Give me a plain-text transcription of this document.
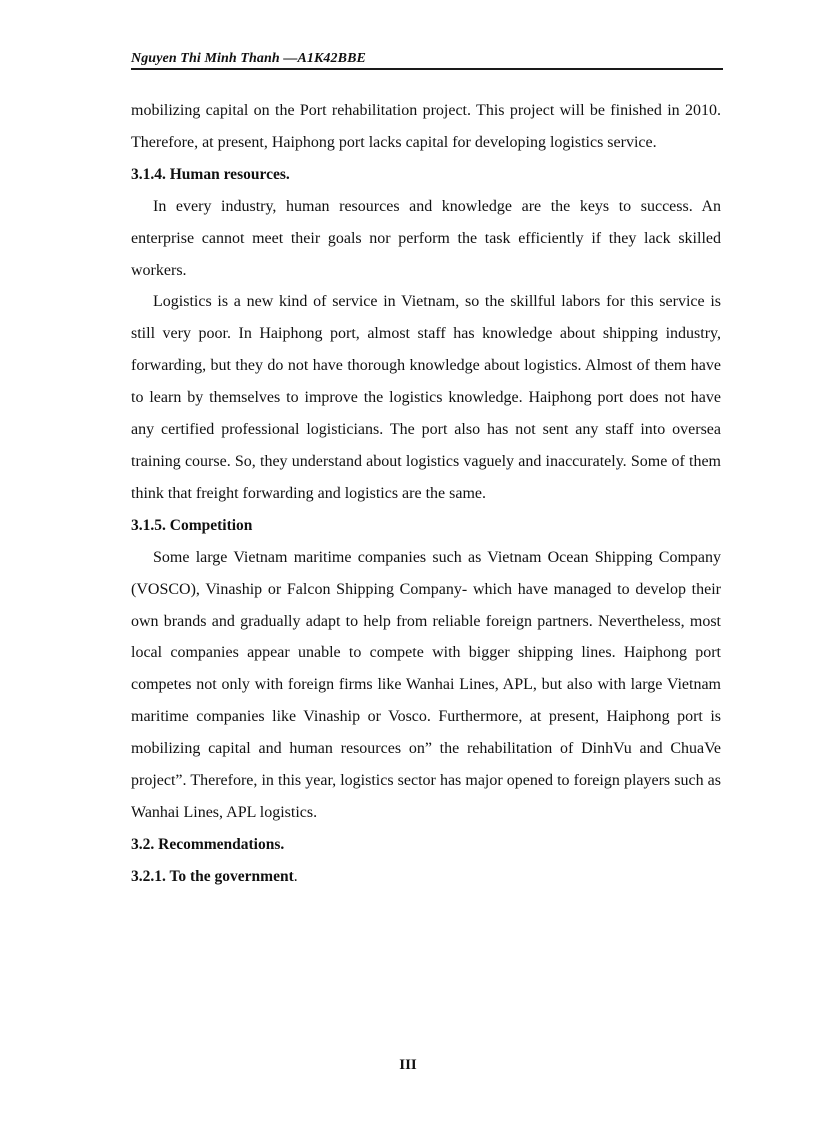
Nguyen Thi Minh Thanh —A1K42BBE

mobilizing capital on the Port rehabilitation project. This project will be finished in 2010. Therefore, at present, Haiphong port lacks capital for developing logistics service.

3.1.4. Human resources.

In every industry, human resources and knowledge are the keys to success. An enterprise cannot meet their goals nor perform the task efficiently if they lack skilled workers.

Logistics is a new kind of service in Vietnam, so the skillful labors for this service is still very poor. In Haiphong port, almost staff has knowledge about shipping industry, forwarding, but they do not have thorough knowledge about logistics. Almost of them have to learn by themselves to improve the logistics knowledge. Haiphong port does not have any certified professional logisticians. The port also has not sent any staff into oversea training course. So, they understand about logistics vaguely and inaccurately. Some of them think that freight forwarding and logistics are the same.

3.1.5. Competition

Some large Vietnam maritime companies such as Vietnam Ocean Shipping Company (VOSCO), Vinaship or Falcon Shipping Company- which have managed to develop their own brands and gradually adapt to help from reliable foreign partners. Nevertheless, most local companies appear unable to compete with bigger shipping lines. Haiphong port competes not only with foreign firms like Wanhai Lines, APL, but also with large Vietnam maritime companies like Vinaship or Vosco. Furthermore, at present, Haiphong port is mobilizing capital and human resources on” the rehabilitation of DinhVu and ChuaVe project”. Therefore, in this year, logistics sector has major opened to foreign players such as Wanhai Lines, APL logistics.

3.2. Recommendations.

3.2.1. To the government.

III
